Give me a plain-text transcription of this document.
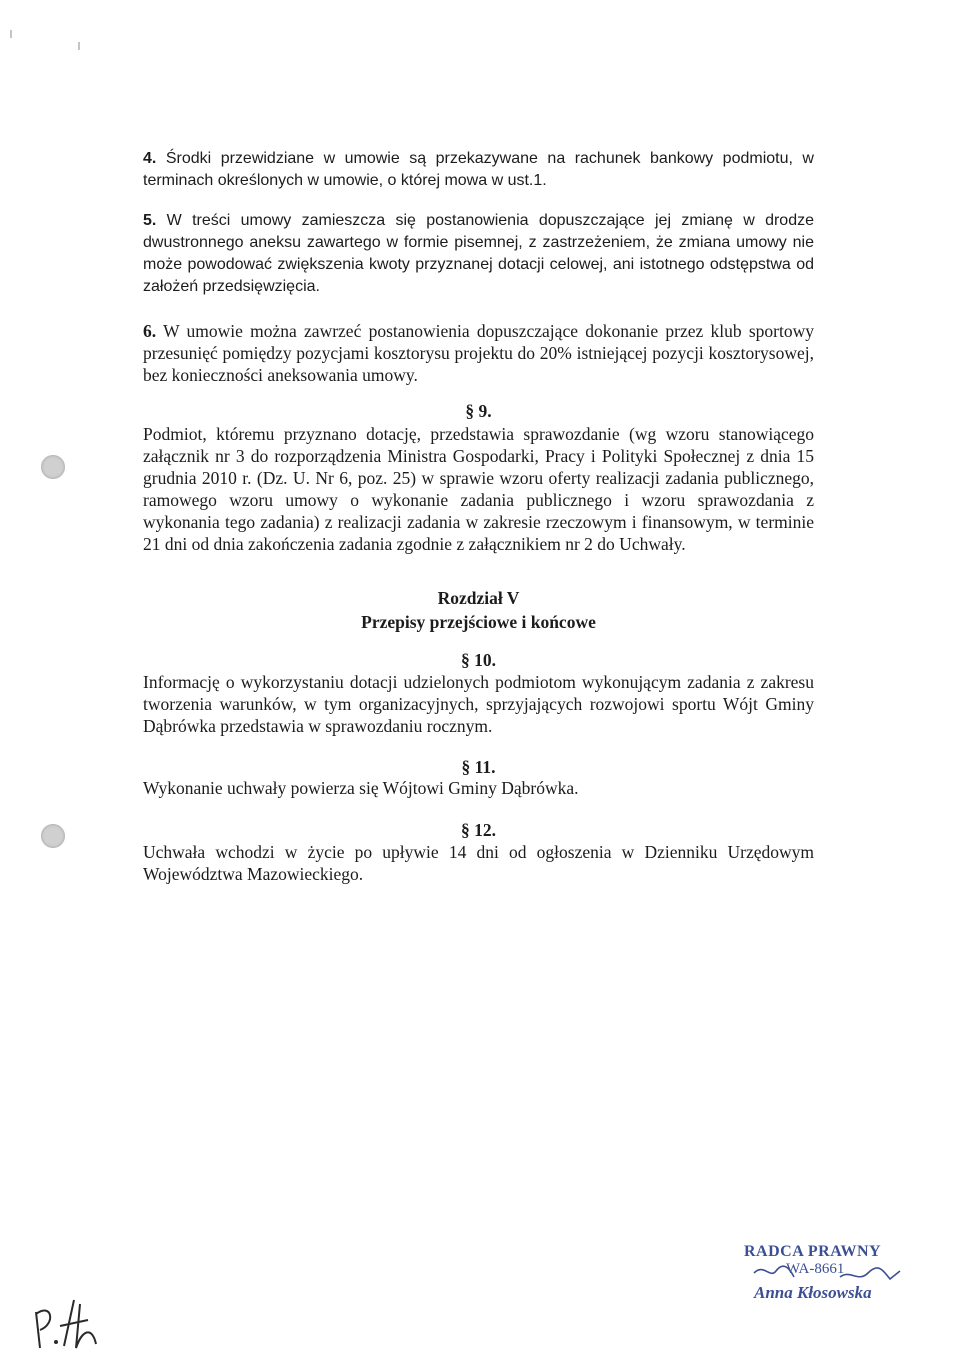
4. Środki przewidziane w umowie są przekazywane na rachunek bankowy podmiotu, w terminach określonych w umowie, o której mowa w ust.1.

5. W treści umowy zamieszcza się postanowienia dopuszczające jej zmianę w drodze dwustronnego aneksu zawartego w formie pisemnej, z zastrzeżeniem, że zmiana umowy nie może powodować zwiększenia kwoty przyznanej dotacji celowej, ani istotnego odstępstwa od założeń przedsięwzięcia.

6. W umowie można zawrzeć postanowienia dopuszczające dokonanie przez klub sportowy przesunięć pomiędzy pozycjami kosztorysu projektu do 20% istniejącej pozycji kosztorysowej, bez konieczności aneksowania umowy.

§ 9.

Podmiot, któremu przyznano dotację, przedstawia sprawozdanie (wg wzoru stanowiącego załącznik nr 3 do rozporządzenia Ministra Gospodarki, Pracy i Polityki Społecznej z dnia 15 grudnia 2010 r. (Dz. U. Nr 6, poz. 25) w sprawie wzoru oferty realizacji zadania publicznego, ramowego wzoru umowy o wykonanie zadania publicznego i wzoru sprawozdania z wykonania tego zadania) z realizacji zadania w zakresie rzeczowym i finansowym, w terminie 21 dni od dnia zakończenia zadania zgodnie z załącznikiem nr 2 do Uchwały.

Rozdział V
Przepisy przejściowe i końcowe
§ 10.

Informację o wykorzystaniu dotacji udzielonych podmiotom wykonującym zadania z zakresu tworzenia warunków, w tym organizacyjnych, sprzyjających rozwojowi sportu Wójt Gminy Dąbrówka przedstawia w sprawozdaniu rocznym.

§ 11.

Wykonanie uchwały powierza się Wójtowi Gminy Dąbrówka.

§ 12.

Uchwała wchodzi w życie po upływie 14 dni od ogłoszenia w Dzienniku Urzędowym Województwa Mazowieckiego.

RADCA PRAWNY
WA-8661
Anna Kłosowska
